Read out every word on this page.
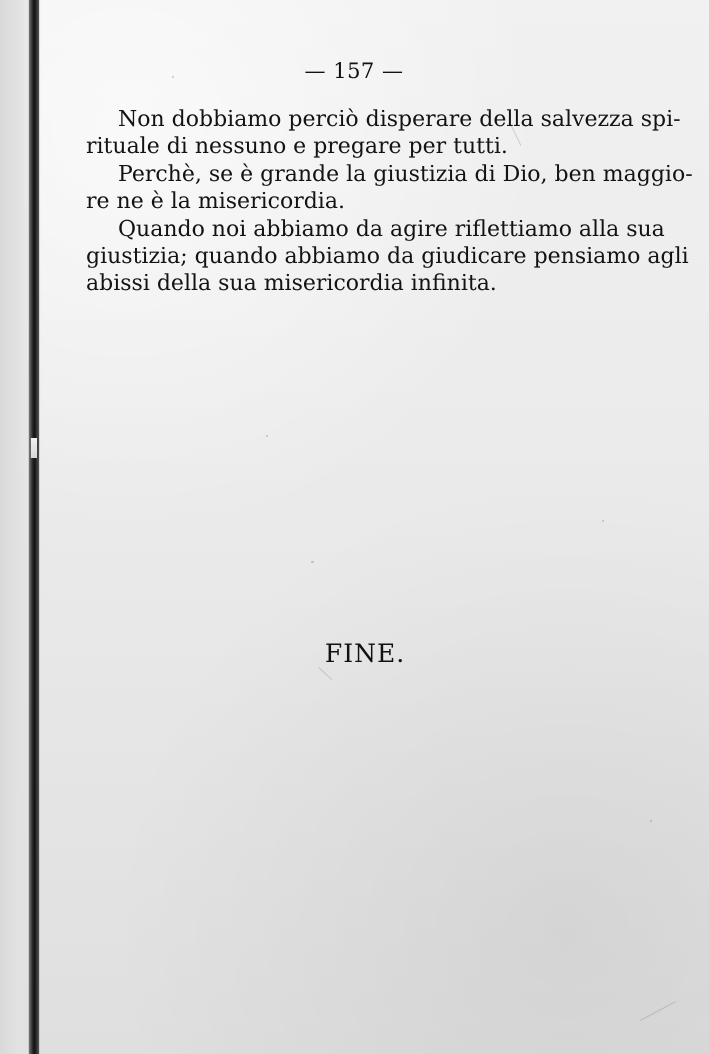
— 157 —

Non dobbiamo perciò disperare della salvezza spi-
rituale di nessuno e pregare per tutti.

Perchè, se è grande la giustizia di Dio, ben maggio-
re ne è la misericordia.

Quando noi abbiamo da agire riflettiamo alla sua
giustizia; quando abbiamo da giudicare pensiamo agli
abissi della sua misericordia infinita.

FINE.
